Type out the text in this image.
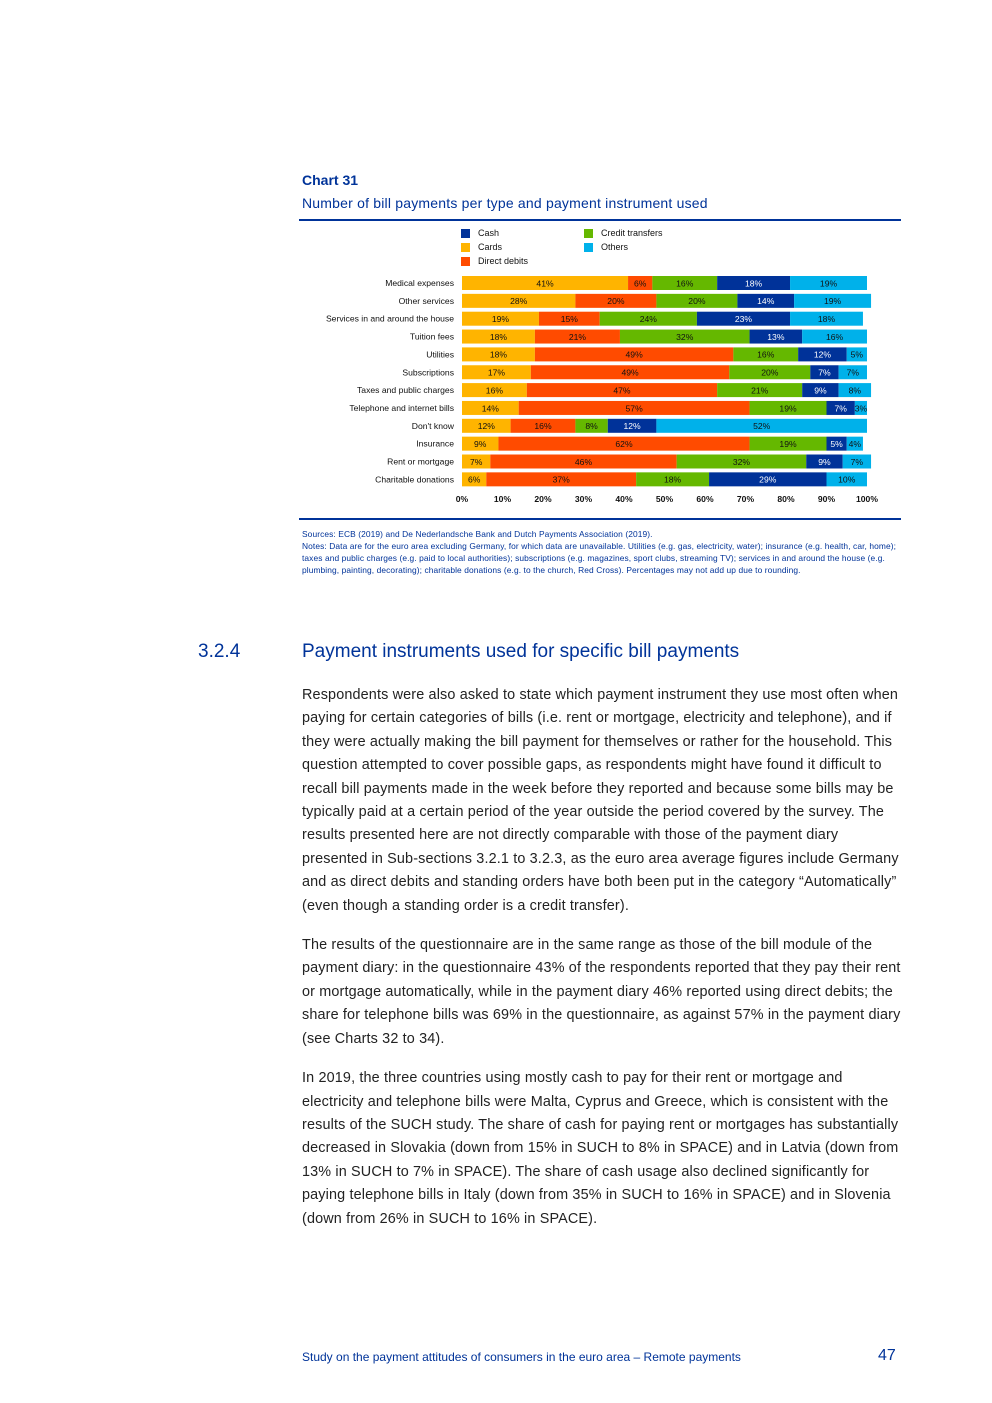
Chart 31
Number of bill payments per type and payment instrument used
Cash	Credit transfers
Cards	Others
Direct debits
Medical expenses	41%	6%	16%	18%	19%
Other services	28%	20%	20%	14%	19%
Services in and around the house	19%	15%	24%	23%	18%
Tuition fees	18%	21%	32%	13%	16%
Utilities	18%	49%	16%	12% 5%
Subscriptions	17%	49%	20%	7% 7%
Taxes and public charges	16%	47%	21%	9%	8%
Telephone and internet bills	14%	57%	19%	7% 3%
Don't know	12%	16%	8%	12%	52%
Insurance 9%	62%	19%	5% 4%
Rent or mortgage 7%	46%	32%	9% 7%
Charitable donations 6%	37%	18%	29%	10%
0%	10%	20%	30%	40%	50%	60%	70%	80%	90% 100%
Sources: ECB (2019) and De Nederlandsche Bank and Dutch Payments Association (2019).
Notes: Data are for the euro area excluding Germany, for which data are unavailable. Utilities (e.g. gas, electricity, water); insurance (e.g. health, car, home); taxes and public charges (e.g. paid to local authorities); subscriptions (e.g. magazines, sport clubs, streaming TV); services in and around the house (e.g. plumbing, painting, decorating); charitable donations (e.g. to the church, Red Cross). Percentages may not add up due to rounding.
3.2.4	Payment instruments used for specific bill payments

Respondents were also asked to state which payment instrument they use most often when paying for certain categories of bills (i.e. rent or mortgage, electricity and telephone), and if they were actually making the bill payment for themselves or rather for the household. This question attempted to cover possible gaps, as respondents might have found it difficult to recall bill payments made in the week before they reported and because some bills may be typically paid at a certain period of the year outside the period covered by the survey. The results presented here are not directly comparable with those of the payment diary presented in Sub-sections 3.2.1 to 3.2.3, as the euro area average figures include Germany and as direct debits and standing orders have both been put in the category “Automatically” (even though a standing order is a credit transfer).

The results of the questionnaire are in the same range as those of the bill module of the payment diary: in the questionnaire 43% of the respondents reported that they pay their rent or mortgage automatically, while in the payment diary 46% reported using direct debits; the share for telephone bills was 69% in the questionnaire, as against 57% in the payment diary (see Charts 32 to 34).

In 2019, the three countries using mostly cash to pay for their rent or mortgage and electricity and telephone bills were Malta, Cyprus and Greece, which is consistent with the results of the SUCH study. The share of cash for paying rent or mortgages has substantially decreased in Slovakia (down from 15% in SUCH to 8% in SPACE) and in Latvia (down from 13% in SUCH to 7% in SPACE). The share of cash usage also declined significantly for paying telephone bills in Italy (down from 35% in SUCH to 16% in SPACE) and in Slovenia (down from 26% in SUCH to 16% in SPACE).

Study on the payment attitudes of consumers in the euro area – Remote payments	47
